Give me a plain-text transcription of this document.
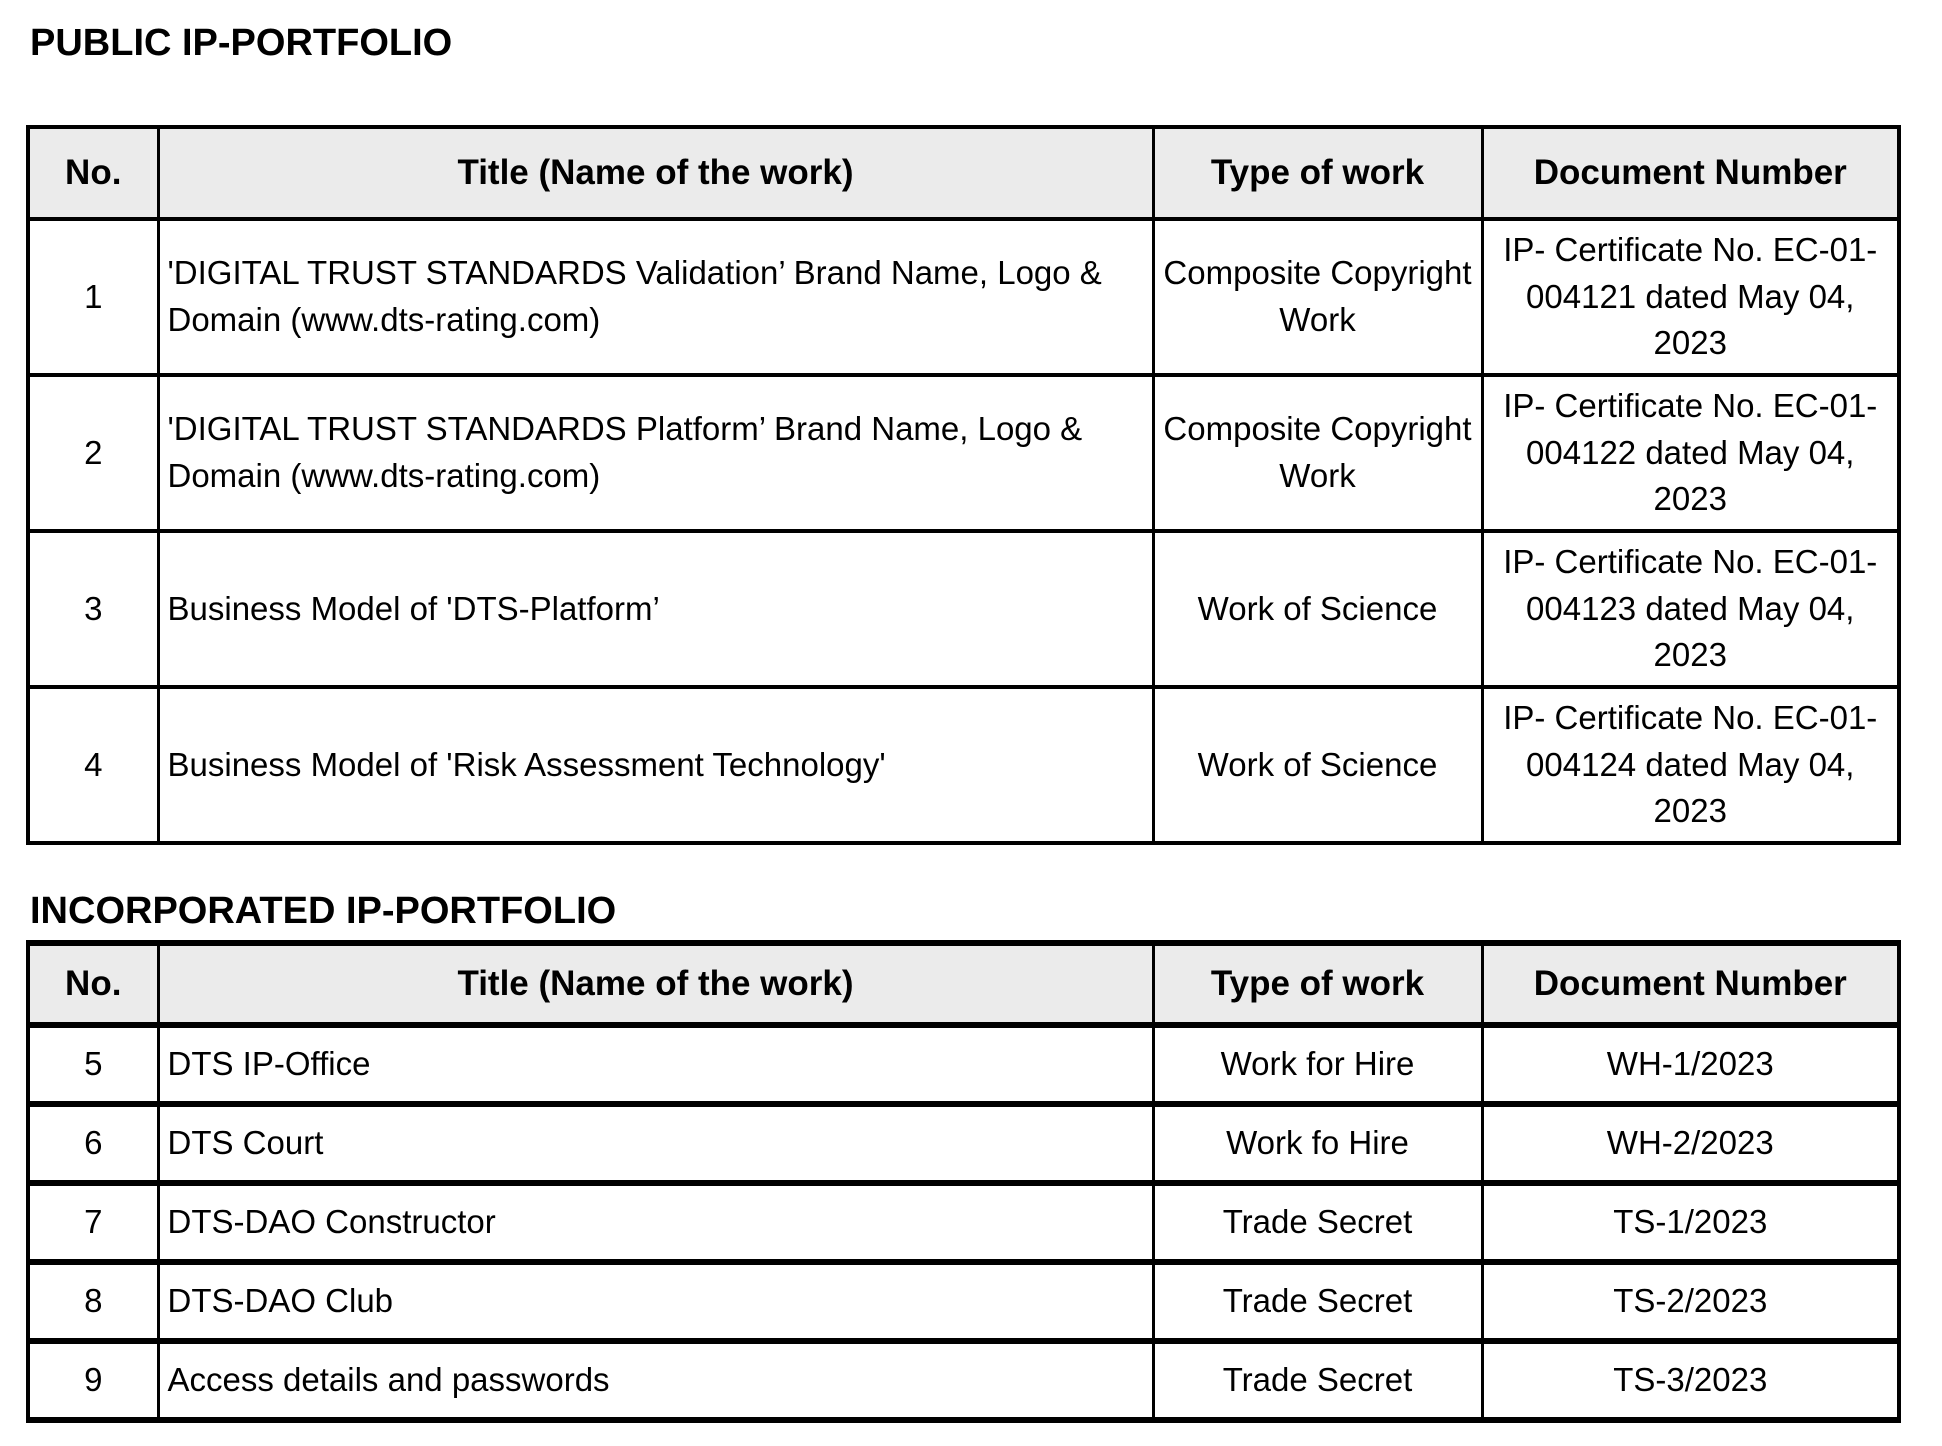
PUBLIC IP-PORTFOLIO
No.	Title (Name of the work)	Type of work	Document Number
1	'DIGITAL TRUST STANDARDS Validation’ Brand Name, Logo & Domain (www.dts-rating.com)	Composite Copyright Work	IP- Certificate No. EC-01-004121 dated May 04, 2023
2	'DIGITAL TRUST STANDARDS Platform’ Brand Name, Logo & Domain (www.dts-rating.com)	Composite Copyright Work	IP- Certificate No. EC-01-004122 dated May 04, 2023
3	Business Model of 'DTS-Platform’	Work of Science	IP- Certificate No. EC-01-004123 dated May 04, 2023
4	Business Model of 'Risk Assessment Technology'	Work of Science	IP- Certificate No. EC-01-004124 dated May 04, 2023
INCORPORATED IP-PORTFOLIO
No.	Title (Name of the work)	Type of work	Document Number
5	DTS IP-Office	Work for Hire	WH-1/2023
6	DTS Court	Work fo Hire	WH-2/2023
7	DTS-DAO Constructor	Trade Secret	TS-1/2023
8	DTS-DAO Club	Trade Secret	TS-2/2023
9	Access details and passwords	Trade Secret	TS-3/2023
